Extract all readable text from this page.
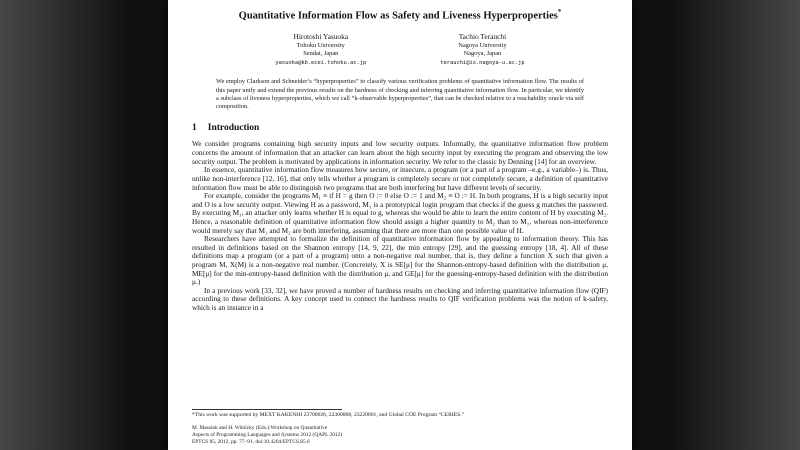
Quantitative Information Flow as Safety and Liveness Hyperproperties*
Hirotoshi Yasuoka
Tohoku University
Sendai, Japan
yasuoka@kb.ecei.tohoku.ac.jp
Tachio Terauchi
Nagoya University
Nagoya, Japan
terauchi@is.nagoya-u.ac.jp
We employ Clarkson and Schneider’s “hyperproperties” to classify various verification problems of quantitative information flow. The results of this paper unify and extend the previous results on the hardness of checking and inferring quantitative information flow. In particular, we identify a subclass of liveness hyperproperties, which we call “k-observable hyperproperties”, that can be checked relative to a reachability oracle via self composition.
1 Introduction

We consider programs containing high security inputs and low security outputs. Informally, the quantitative information flow problem concerns the amount of information that an attacker can learn about the high security input by executing the program and observing the low security output. The problem is motivated by applications in information security. We refer to the classic by Denning [14] for an overview.

In essence, quantitative information flow measures how secure, or insecure, a program (or a part of a program –e.g., a variable–) is. Thus, unlike non-interference [12, 16], that only tells whether a program is completely secure or not completely secure, a definition of quantitative information flow must be able to distinguish two programs that are both interfering but have different levels of security.

For example, consider the programs M₁ ≡ if H = g then O := 0 else O := 1 and M₂ ≡ O := H. In both programs, H is a high security input and O is a low security output. Viewing H as a password, M₁ is a prototypical login program that checks if the guess g matches the password. By executing M₁, an attacker only learns whether H is equal to g, whereas she would be able to learn the entire content of H by executing M₂. Hence, a reasonable definition of quantitative information flow should assign a higher quantity to M₂ than to M₁, whereas non-interference would merely say that M₁ and M₂ are both interfering, assuming that there are more than one possible value of H.

Researchers have attempted to formalize the definition of quantitative information flow by appealing to information theory. This has resulted in definitions based on the Shannon entropy [14, 9, 22], the min entropy [29], and the guessing entropy [18, 4]. All of these definitions map a program (or a part of a program) onto a non-negative real number, that is, they define a function X such that given a program M, X(M) is a non-negative real number. (Concretely, X is SE[μ] for the Shannon-entropy-based definition with the distribution μ, ME[μ] for the min-entropy-based definition with the distribution μ, and GE[μ] for the guessing-entropy-based definition with the distribution μ.)

In a previous work [33, 32], we have proved a number of hardness results on checking and inferring quantitative information flow (QIF) according to these definitions. A key concept used to connect the hardness results to QIF verification problems was the notion of k-safety, which is an instance in a

*This work was supported by MEXT KAKENHI 23700026, 22300008, 23220001, and Global COE Program “CERIES.”
M. Massink and H. Wiklicky (Eds.):Workshop on Quantitative
Aspects of Programming Languages and Systems 2012 (QAPL 2012)
EPTCS 85, 2012, pp. 77–91, doi:10.4204/EPTCS.85.6
